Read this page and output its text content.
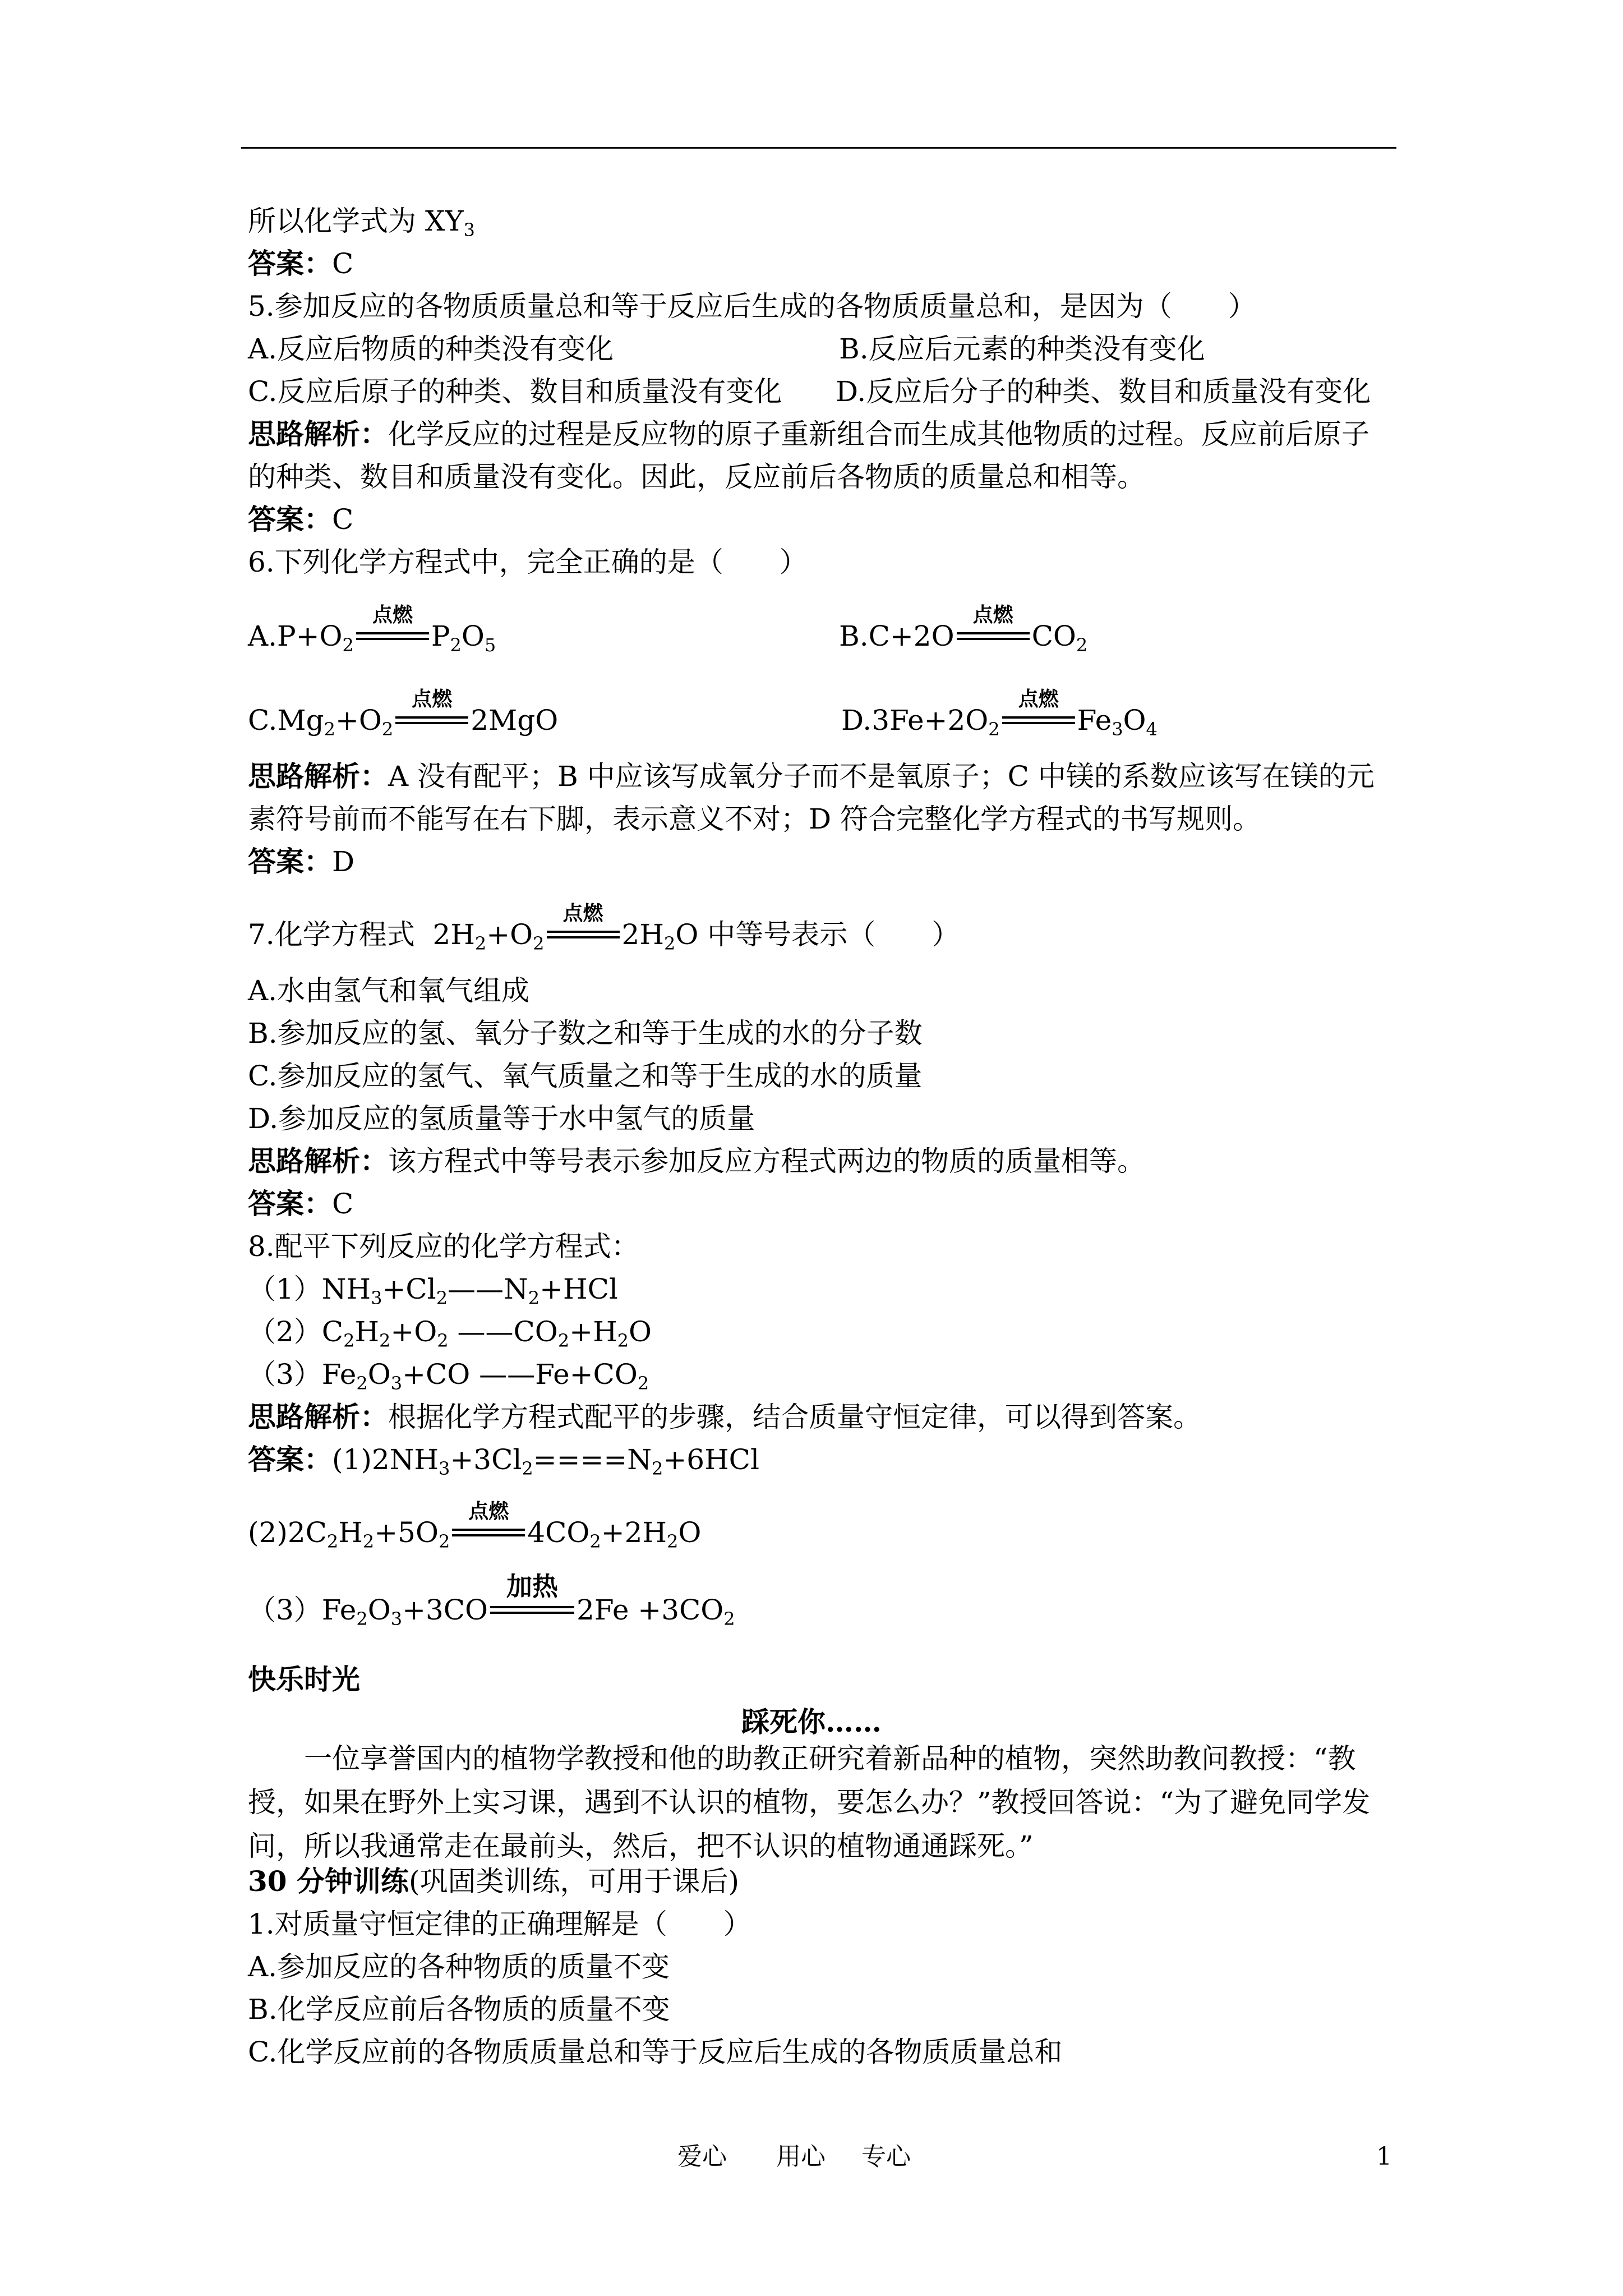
所以化学式为 $XY_3$
答案：C
5.参加反应的各物质质量总和等于反应后生成的各物质质量总和，是因为（　　）
A.反应后物质的种类没有变化	B.反应后元素的种类没有变化
C.反应后原子的种类、数目和质量没有变化 D.反应后分子的种类、数目和质量没有变化
思路解析：化学反应的过程是反应物的原子重新组合而生成其他物质的过程。反应前后原子
的种类、数目和质量没有变化。因此，反应前后各物质的质量总和相等。
答案：C
6.下列化学方程式中，完全正确的是（　　）
$A.P+O_2$
点燃
$P_2O_5$	B.C+2O
点燃
$CO_2$
$C.Mg_2+O_2$
点燃
2MgO	$D.3Fe+2O_2$
点燃
$Fe_3O_4$
思路解析：A 没有配平；B 中应该写成氧分子而不是氧原子；C 中镁的系数应该写在镁的元
素符号前而不能写在右下脚，表示意义不对；D 符合完整化学方程式的书写规则。
答案：D
7.化学方程式  $2H_2+O_2$
点燃
$2H_2O$ 中等号表示（　　）
A.水由氢气和氧气组成
B.参加反应的氢、氧分子数之和等于生成的水的分子数
C.参加反应的氢气、氧气质量之和等于生成的水的质量
D.参加反应的氢质量等于水中氢气的质量
思路解析：该方程式中等号表示参加反应方程式两边的物质的质量相等。
答案：C
8.配平下列反应的化学方程式：
$(1)NH_3+Cl_2——N_2+HCl$
$(2)C_2H_2+O_2$ $——CO_2+H_2O$
$(3)Fe_2O_3+CO$ $——Fe+CO_2$
思路解析：根据化学方程式配平的步骤，结合质量守恒定律，可以得到答案。
答案：$(1)2NH_3+3Cl_2====N_2+6HCl$
$(2)2C_2H_2+5O_2$
点燃
$4CO_2+2H_2O$
$(3)Fe_2O_3+3CO$
加热
$2Fe +3CO_2$
快乐时光
踩死你……
一位享誉国内的植物学教授和他的助教正研究着新品种的植物，突然助教问教授：“教授，如果在野外上实习课，遇到不认识的植物，要怎么办？”教授回答说：“为了避免同学发问，所以我通常走在最前头，然后，把不认识的植物通通踩死。”
30 分钟训练(巩固类训练，可用于课后)
1.对质量守恒定律的正确理解是（　　）
A.参加反应的各种物质的质量不变
B.化学反应前后各物质的质量不变
C.化学反应前的各物质质量总和等于反应后生成的各物质质量总和
爱心 用心 专心	1
